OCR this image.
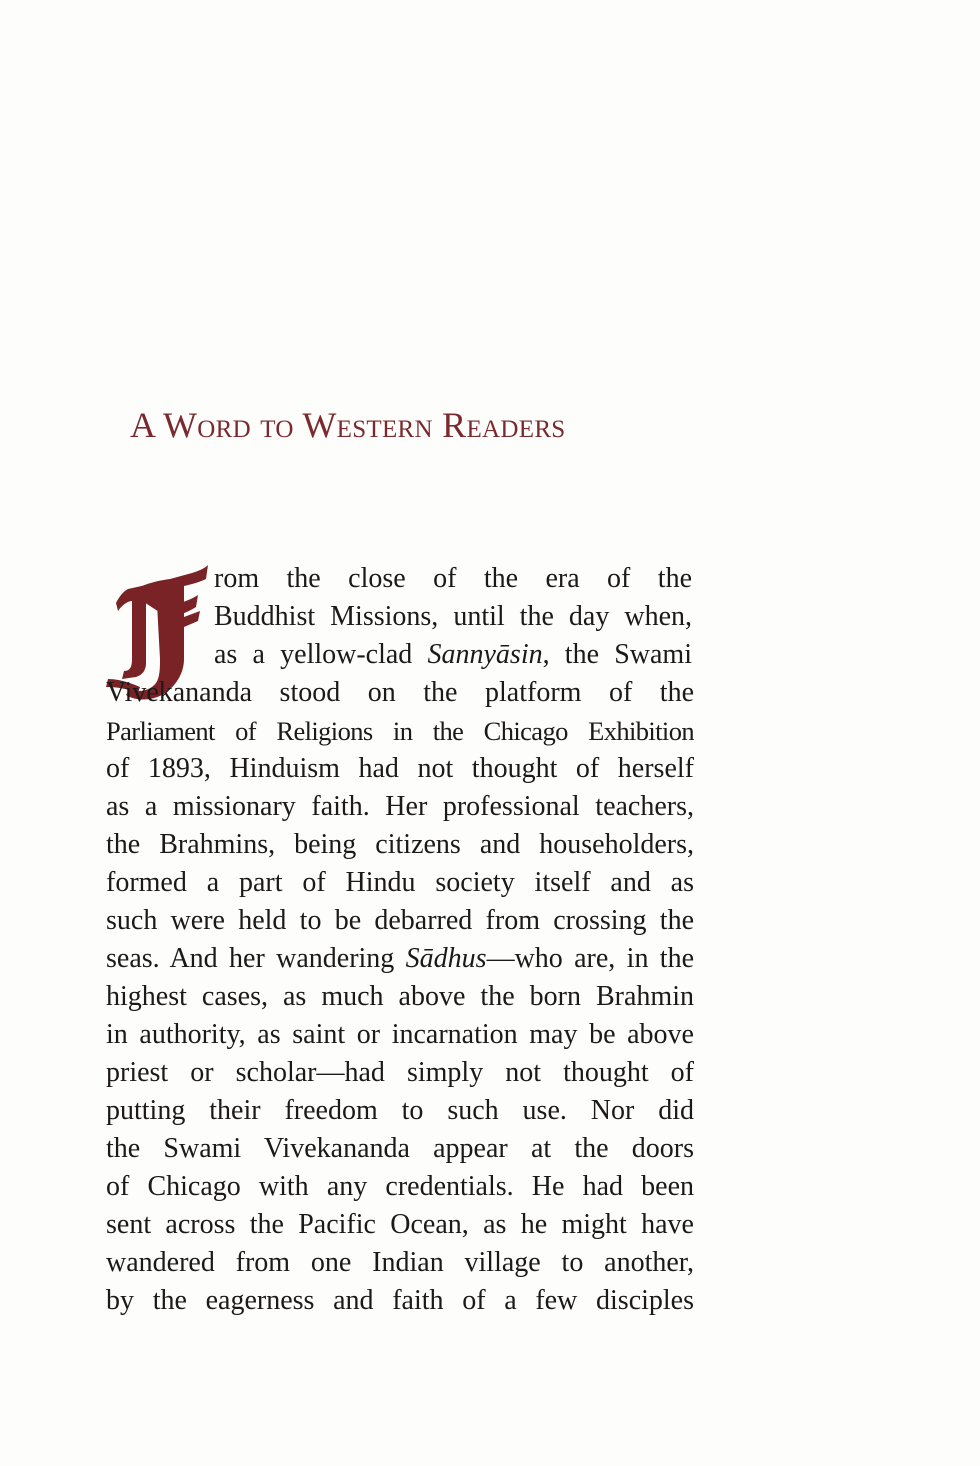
A Word to Western Readers

rom the close of the era of the

Buddhist Missions, until the day when,

as a yellow-clad Sannyāsin, the Swami

Vivekananda stood on the platform of the

Parliament of Religions in the Chicago Exhibition

of 1893, Hinduism had not thought of herself

as a missionary faith. Her professional teachers,

the Brahmins, being citizens and householders,

formed a part of Hindu society itself and as

such were held to be debarred from crossing the

seas. And her wandering Sādhus—who are, in the

highest cases, as much above the born Brahmin

in authority, as saint or incarnation may be above

priest or scholar—had simply not thought of

putting their freedom to such use. Nor did

the Swami Vivekananda appear at the doors

of Chicago with any credentials. He had been

sent across the Pacific Ocean, as he might have

wandered from one Indian village to another,

by the eagerness and faith of a few disciples
